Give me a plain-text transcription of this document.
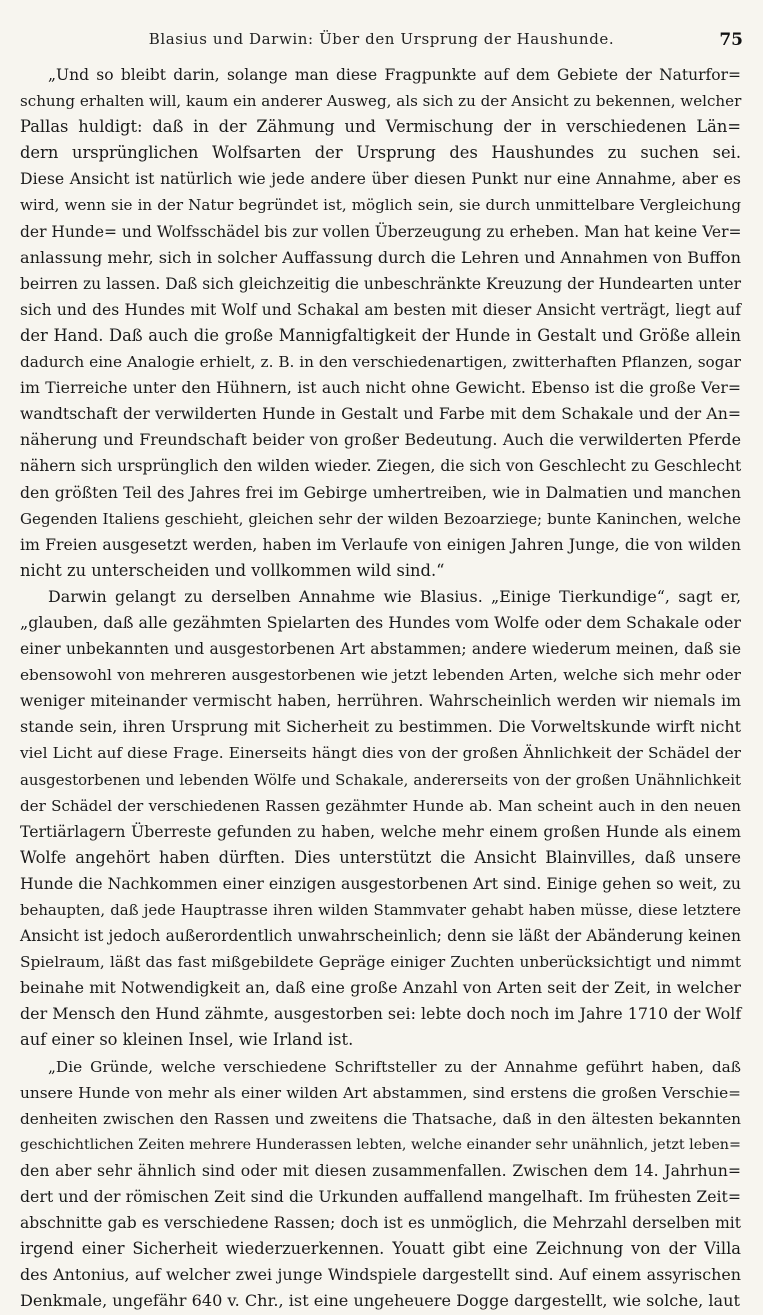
Blasius und Darwin: Über den Ursprung der Haushunde.	75
„Und so bleibt darin, solange man diese Fragpunkte auf dem Gebiete der Naturfor=
schung erhalten will, kaum ein anderer Ausweg, als sich zu der Ansicht zu bekennen, welcher
Pallas huldigt: daß in der Zähmung und Vermischung der in verschiedenen Län=
dern ursprünglichen Wolfsarten der Ursprung des Haushundes zu suchen sei.
Diese Ansicht ist natürlich wie jede andere über diesen Punkt nur eine Annahme, aber es
wird, wenn sie in der Natur begründet ist, möglich sein, sie durch unmittelbare Vergleichung
der Hunde= und Wolfsschädel bis zur vollen Überzeugung zu erheben. Man hat keine Ver=
anlassung mehr, sich in solcher Auffassung durch die Lehren und Annahmen von Buffon
beirren zu lassen. Daß sich gleichzeitig die unbeschränkte Kreuzung der Hundearten unter
sich und des Hundes mit Wolf und Schakal am besten mit dieser Ansicht verträgt, liegt auf
der Hand. Daß auch die große Mannigfaltigkeit der Hunde in Gestalt und Größe allein
dadurch eine Analogie erhielt, z. B. in den verschiedenartigen, zwitterhaften Pflanzen, sogar
im Tierreiche unter den Hühnern, ist auch nicht ohne Gewicht. Ebenso ist die große Ver=
wandtschaft der verwilderten Hunde in Gestalt und Farbe mit dem Schakale und der An=
näherung und Freundschaft beider von großer Bedeutung. Auch die verwilderten Pferde
nähern sich ursprünglich den wilden wieder. Ziegen, die sich von Geschlecht zu Geschlecht
den größten Teil des Jahres frei im Gebirge umhertreiben, wie in Dalmatien und manchen
Gegenden Italiens geschieht, gleichen sehr der wilden Bezoarziege; bunte Kaninchen, welche
im Freien ausgesetzt werden, haben im Verlaufe von einigen Jahren Junge, die von wilden
nicht zu unterscheiden und vollkommen wild sind.“
Darwin gelangt zu derselben Annahme wie Blasius. „Einige Tierkundige“, sagt er,
„glauben, daß alle gezähmten Spielarten des Hundes vom Wolfe oder dem Schakale oder
einer unbekannten und ausgestorbenen Art abstammen; andere wiederum meinen, daß sie
ebensowohl von mehreren ausgestorbenen wie jetzt lebenden Arten, welche sich mehr oder
weniger miteinander vermischt haben, herrühren. Wahrscheinlich werden wir niemals im
stande sein, ihren Ursprung mit Sicherheit zu bestimmen. Die Vorweltskunde wirft nicht
viel Licht auf diese Frage. Einerseits hängt dies von der großen Ähnlichkeit der Schädel der
ausgestorbenen und lebenden Wölfe und Schakale, andererseits von der großen Unähnlichkeit
der Schädel der verschiedenen Rassen gezähmter Hunde ab. Man scheint auch in den neuen
Tertiärlagern Überreste gefunden zu haben, welche mehr einem großen Hunde als einem
Wolfe angehört haben dürften. Dies unterstützt die Ansicht Blainvilles, daß unsere
Hunde die Nachkommen einer einzigen ausgestorbenen Art sind. Einige gehen so weit, zu
behaupten, daß jede Hauptrasse ihren wilden Stammvater gehabt haben müsse, diese letztere
Ansicht ist jedoch außerordentlich unwahrscheinlich; denn sie läßt der Abänderung keinen
Spielraum, läßt das fast mißgebildete Gepräge einiger Zuchten unberücksichtigt und nimmt
beinahe mit Notwendigkeit an, daß eine große Anzahl von Arten seit der Zeit, in welcher
der Mensch den Hund zähmte, ausgestorben sei: lebte doch noch im Jahre 1710 der Wolf
auf einer so kleinen Insel, wie Irland ist.
„Die Gründe, welche verschiedene Schriftsteller zu der Annahme geführt haben, daß
unsere Hunde von mehr als einer wilden Art abstammen, sind erstens die großen Verschie=
denheiten zwischen den Rassen und zweitens die Thatsache, daß in den ältesten bekannten
geschichtlichen Zeiten mehrere Hunderassen lebten, welche einander sehr unähnlich, jetzt leben=
den aber sehr ähnlich sind oder mit diesen zusammenfallen. Zwischen dem 14. Jahrhun=
dert und der römischen Zeit sind die Urkunden auffallend mangelhaft. Im frühesten Zeit=
abschnitte gab es verschiedene Rassen; doch ist es unmöglich, die Mehrzahl derselben mit
irgend einer Sicherheit wiederzuerkennen. Youatt gibt eine Zeichnung von der Villa
des Antonius, auf welcher zwei junge Windspiele dargestellt sind. Auf einem assyrischen
Denkmale, ungefähr 640 v. Chr., ist eine ungeheuere Dogge dargestellt, wie solche, laut
